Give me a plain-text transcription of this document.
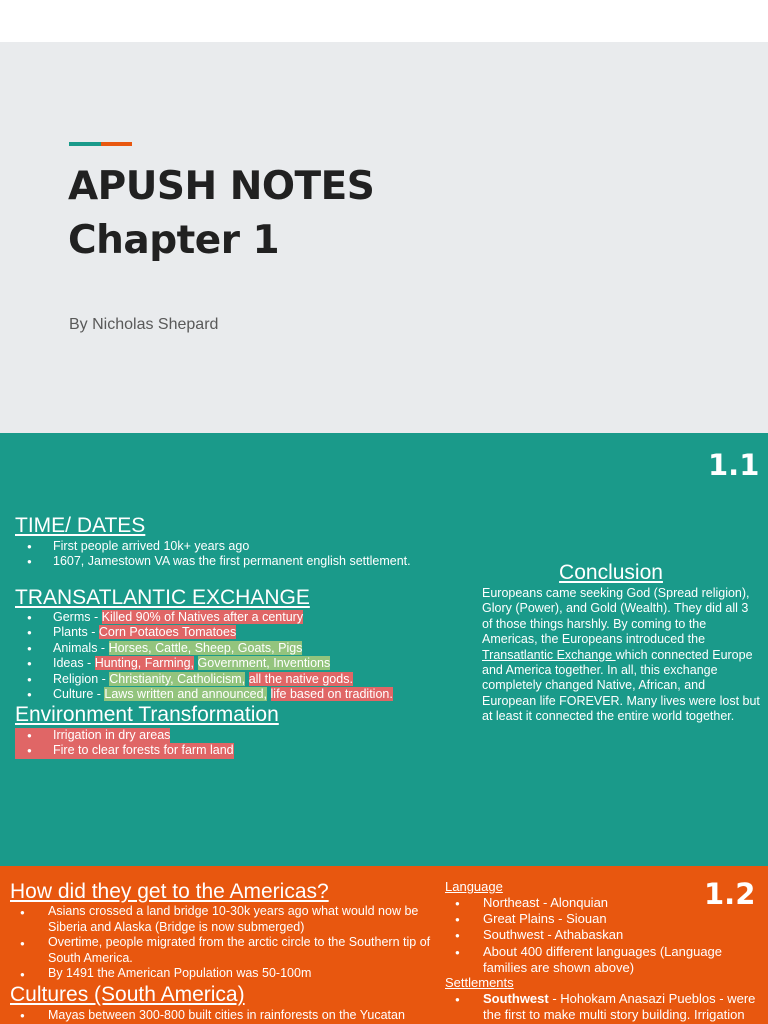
APUSH NOTES
Chapter 1
By Nicholas Shepard
1.1
TIME/ DATES
● First people arrived 10k+ years ago
● 1607, Jamestown VA was the first permanent english settlement.
TRANSATLANTIC EXCHANGE
● Germs - Killed 90% of Natives after a century
● Plants - Corn Potatoes Tomatoes
● Animals - Horses, Cattle, Sheep, Goats, Pigs
● Ideas - Hunting, Farming, Government, Inventions
● Religion - Christianity, Catholicism, all the native gods.
● Culture - Laws written and announced, life based on tradition.
Environment Transformation
● Irrigation in dry areas
● Fire to clear forests for farm land
Conclusion

Europeans came seeking God (Spread religion), Glory (Power), and Gold (Wealth). They did all 3 of those things harshly. By coming to the Americas, the Europeans introduced the Transatlantic Exchange which connected Europe and America together. In all, this exchange completely changed Native, African, and European life FOREVER. Many lives were lost but at least it connected the entire world together.

1.2
How did they get to the Americas?
● Asians crossed a land bridge 10-30k years ago what would now be Siberia and Alaska (Bridge is now submerged)
● Overtime, people migrated from the arctic circle to the Southern tip of South America.
● By 1491 the American Population was 50-100m
Cultures (South America)
● Mayas between 300-800 built cities in rainforests on the Yucatan
Language
● Northeast - Alonquian
● Great Plains - Siouan
● Southwest - Athabaskan
● About 400 different languages (Language families are shown above)
Settlements
● Southwest - Hohokam Anasazi Pueblos - were the first to make multi story building. Irrigation
